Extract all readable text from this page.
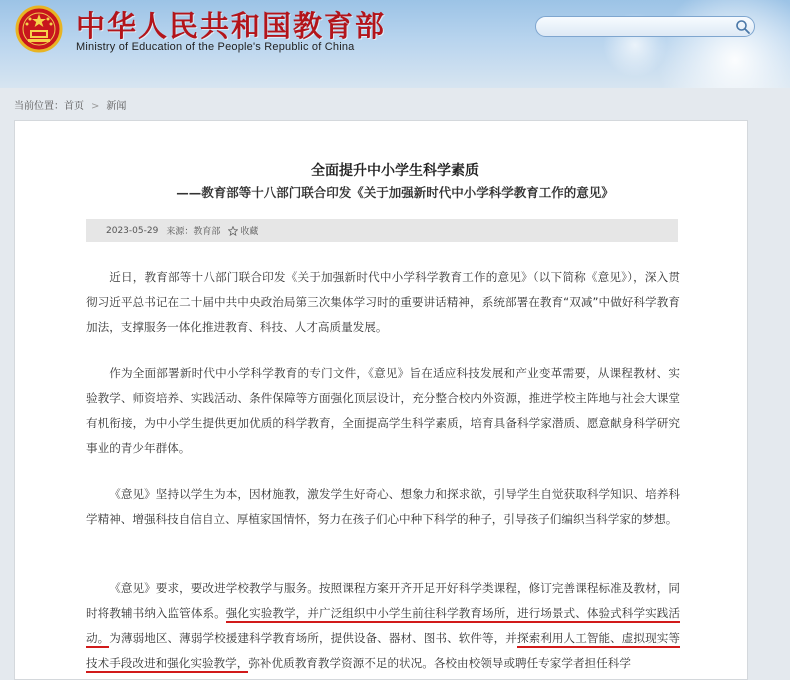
中华人民共和国教育部
Ministry of Education of the People's Republic of China
当前位置：首页 > 新闻
全面提升中小学生科学素质
——教育部等十八部门联合印发《关于加强新时代中小学科学教育工作的意见》
2023-05-29 来源：教育部 收藏

近日，教育部等十八部门联合印发《关于加强新时代中小学科学教育工作的意见》（以下简称《意见》），深入贯彻习近平总书记在二十届中共中央政治局第三次集体学习时的重要讲话精神，系统部署在教育“双减”中做好科学教育加法，支撑服务一体化推进教育、科技、人才高质量发展。

作为全面部署新时代中小学科学教育的专门文件，《意见》旨在适应科技发展和产业变革需要，从课程教材、实验教学、师资培养、实践活动、条件保障等方面强化顶层设计，充分整合校内外资源，推进学校主阵地与社会大课堂有机衔接，为中小学生提供更加优质的科学教育，全面提高学生科学素质，培育具备科学家潜质、愿意献身科学研究事业的青少年群体。

《意见》坚持以学生为本，因材施教，激发学生好奇心、想象力和探求欲，引导学生自觉获取科学知识、培养科学精神、增强科技自信自立、厚植家国情怀，努力在孩子们心中种下科学的种子，引导孩子们编织当科学家的梦想。

《意见》要求，要改进学校教学与服务。按照课程方案开齐开足开好科学类课程，修订完善课程标准及教材，同时将教辅书纳入监管体系。强化实验教学，并广泛组织中小学生前往科学教育场所，进行场景式、体验式科学实践活动。为薄弱地区、薄弱学校援建科学教育场所，提供设备、器材、图书、软件等，并探索利用人工智能、虚拟现实等技术手段改进和强化实验教学，弥补优质教育教学资源不足的状况。各校由校领导或聘任专家学者担任科学
